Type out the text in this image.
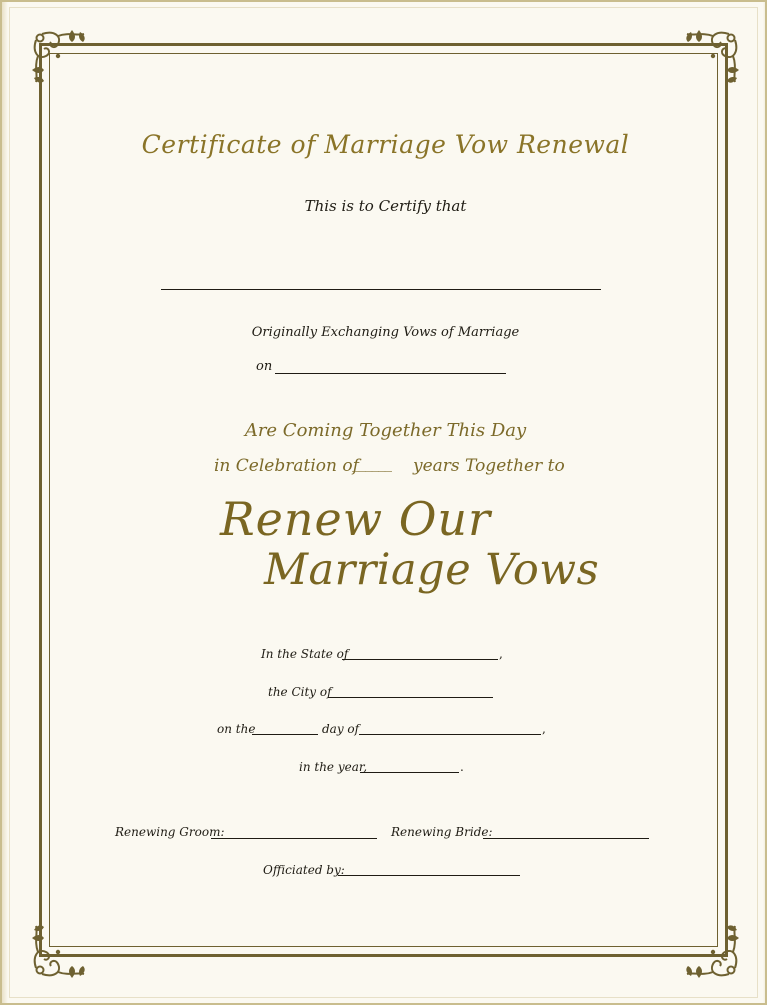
Certificate of Marriage Vow Renewal
This is to Certify that
Originally Exchanging Vows of Marriage
on
Are Coming Together This Day
in Celebration of
______ years Together to
Renew Our
Marriage Vows
In the State of	,
the City of
on the	day of	,
in the year,	.
Renewing Groom:	Renewing Bride:
Officiated by:
